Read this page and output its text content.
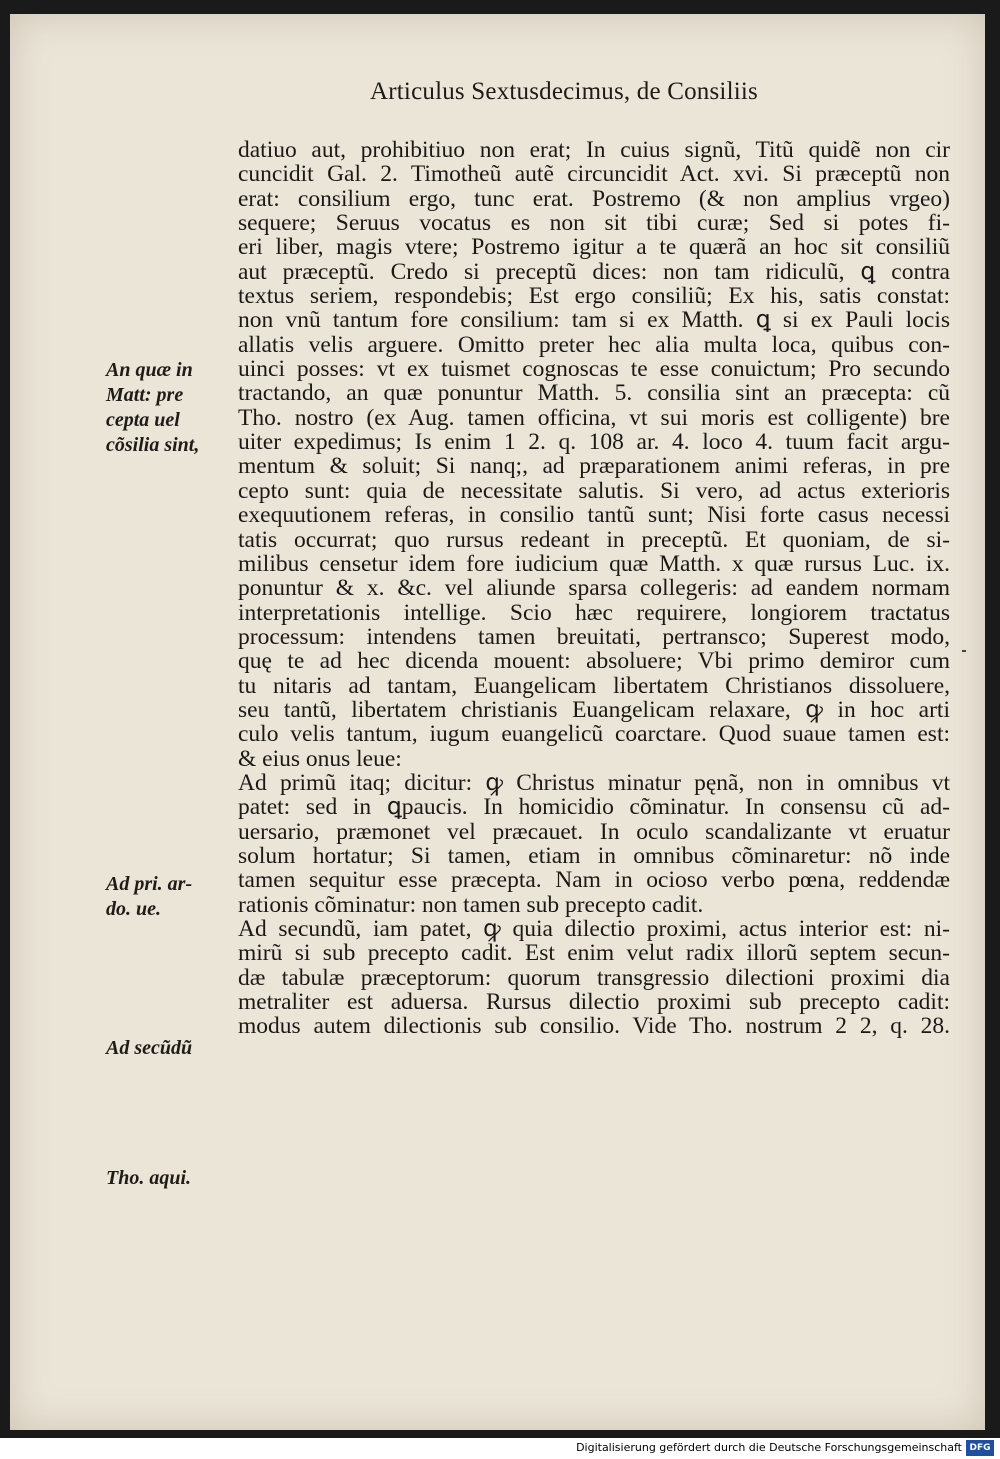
Articulus Sextusdecimus, de Consiliis
datiuo aut, prohibitiuo non erat; In cuius signũ, Titũ quidẽ non cir
cuncidit Gal. 2. Timotheũ autẽ circuncidit Act. xvi. Si præceptũ non
erat: consilium ergo, tunc erat. Postremo (& non amplius vrgeo)
sequere; Seruus vocatus es non sit tibi curæ; Sed si potes fi-
eri liber, magis vtere; Postremo igitur a te quærã an hoc sit consiliũ
aut præceptũ. Credo si preceptũ dices: non tam ridiculũ, ꝗ contra
textus seriem, respondebis; Est ergo consiliũ; Ex his, satis constat:
non vnũ tantum fore consilium: tam si ex Matth. ꝗ si ex Pauli locis
allatis velis arguere. Omitto preter hec alia multa loca, quibus con-
uinci posses: vt ex tuismet cognoscas te esse conuictum; Pro secundo
tractando, an quæ ponuntur Matth. 5. consilia sint an præcepta: cũ
Tho. nostro (ex Aug. tamen officina, vt sui moris est colligente) bre
uiter expedimus; Is enim 1 2. q. 108 ar. 4. loco 4. tuum facit argu-
mentum & soluit; Si nanq;, ad præparationem animi referas, in pre
cepto sunt: quia de necessitate salutis. Si vero, ad actus exterioris
exequutionem referas, in consilio tantũ sunt; Nisi forte casus necessi
tatis occurrat; quo rursus redeant in preceptũ. Et quoniam, de si-
milibus censetur idem fore iudicium quæ Matth. x quæ rursus Luc. ix.
ponuntur & x. &c. vel aliunde sparsa collegeris: ad eandem normam
interpretationis intellige. Scio hæc requirere, longiorem tractatus
processum: intendens tamen breuitati, pertransco; Superest modo,
quę te ad hec dicenda mouent: absoluere; Vbi primo demiror cum
tu nitaris ad tantam, Euangelicam libertatem Christianos dissoluere,
seu tantũ, libertatem christianis Euangelicam relaxare, ꝙ in hoc arti
culo velis tantum, iugum euangelicũ coarctare. Quod suaue tamen est:
& eius onus leue:
Ad primũ itaq; dicitur: ꝙ Christus minatur pęnã, non in omnibus vt
patet: sed in ꝗpaucis. In homicidio cõminatur. In consensu cũ ad-
uersario, præmonet vel præcauet. In oculo scandalizante vt eruatur
solum hortatur; Si tamen, etiam in omnibus cõminaretur: nõ inde
tamen sequitur esse præcepta. Nam in ocioso verbo pœna, reddendæ
rationis cõminatur: non tamen sub precepto cadit.
Ad secundũ, iam patet, ꝙ quia dilectio proximi, actus interior est: ni-
mirũ si sub precepto cadit. Est enim velut radix illorũ septem secun-
dæ tabulæ præceptorum: quorum transgressio dilectioni proximi dia
metraliter est aduersa. Rursus dilectio proximi sub precepto cadit:
modus autem dilectionis sub consilio. Vide Tho. nostrum 2 2, q. 28.
An quæ in
Matt: pre
cepta uel
cõsilia sint,
Ad pri. ar-
do. ue.
Ad secũdũ
Tho. aqui.
Digitalisierung gefördert durch die Deutsche Forschungsgemeinschaft DFG
